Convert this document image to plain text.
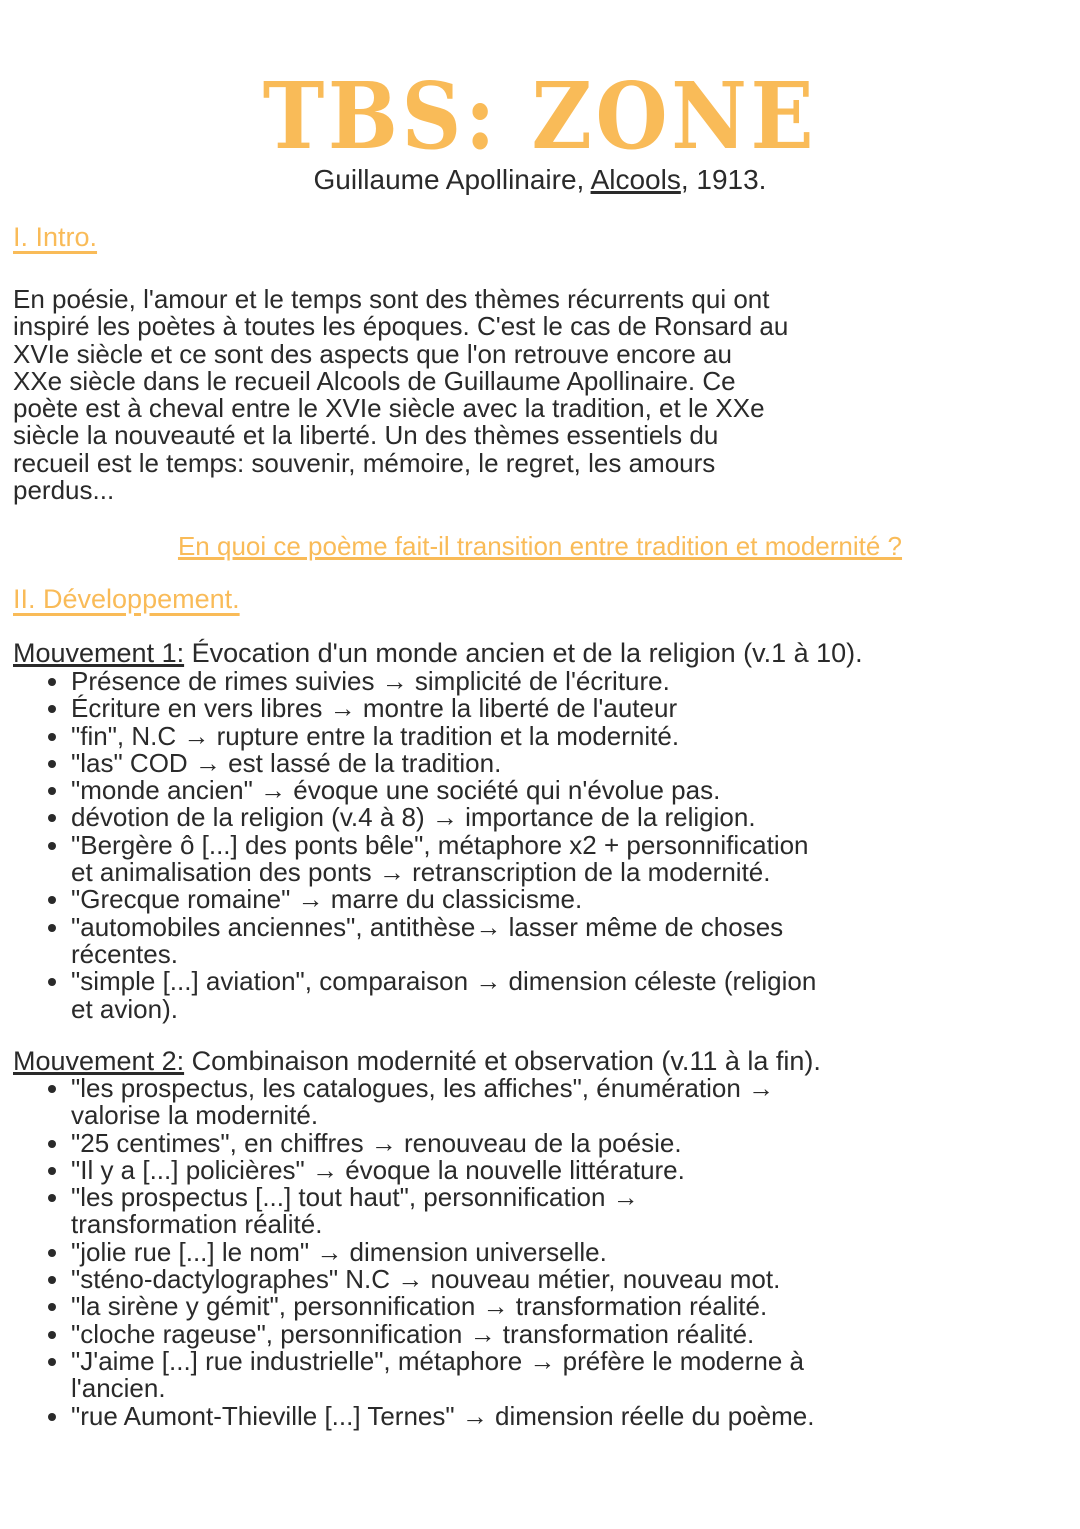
TBS: ZONE
Guillaume Apollinaire, Alcools, 1913.
I. Intro.
En poésie, l'amour et le temps sont des thèmes récurrents qui ont
inspiré les poètes à toutes les époques. C'est le cas de Ronsard au
XVIe siècle et ce sont des aspects que l'on retrouve encore au
XXe siècle dans le recueil Alcools de Guillaume Apollinaire. Ce
poète est à cheval entre le XVIe siècle avec la tradition, et le XXe
siècle la nouveauté et la liberté. Un des thèmes essentiels du
recueil est le temps: souvenir, mémoire, le regret, les amours
perdus...
En quoi ce poème fait-il transition entre tradition et modernité ?
II. Développement.
Mouvement 1: Évocation d'un monde ancien et de la religion (v.1 à 10).
• Présence de rimes suivies → simplicité de l'écriture.
• Écriture en vers libres → montre la liberté de l'auteur
• "fin", N.C → rupture entre la tradition et la modernité.
• "las" COD → est lassé de la tradition.
• "monde ancien" → évoque une société qui n'évolue pas.
• dévotion de la religion (v.4 à 8) → importance de la religion.
• "Bergère ô [...] des ponts bêle", métaphore x2 + personnification
et animalisation des ponts → retranscription de la modernité.
• "Grecque romaine" → marre du classicisme.
• "automobiles anciennes", antithèse→ lasser même de choses
récentes.
• "simple [...] aviation", comparaison → dimension céleste (religion
et avion).
Mouvement 2: Combinaison modernité et observation (v.11 à la fin).
• "les prospectus, les catalogues, les affiches", énumération →
valorise la modernité.
• "25 centimes", en chiffres → renouveau de la poésie.
• "Il y a [...] policières" → évoque la nouvelle littérature.
• "les prospectus [...] tout haut", personnification →
transformation réalité.
• "jolie rue [...] le nom" → dimension universelle.
• "sténo-dactylographes" N.C → nouveau métier, nouveau mot.
• "la sirène y gémit", personnification → transformation réalité.
• "cloche rageuse", personnification → transformation réalité.
• "J'aime [...] rue industrielle", métaphore → préfère le moderne à
l'ancien.
• "rue Aumont-Thieville [...] Ternes" → dimension réelle du poème.
